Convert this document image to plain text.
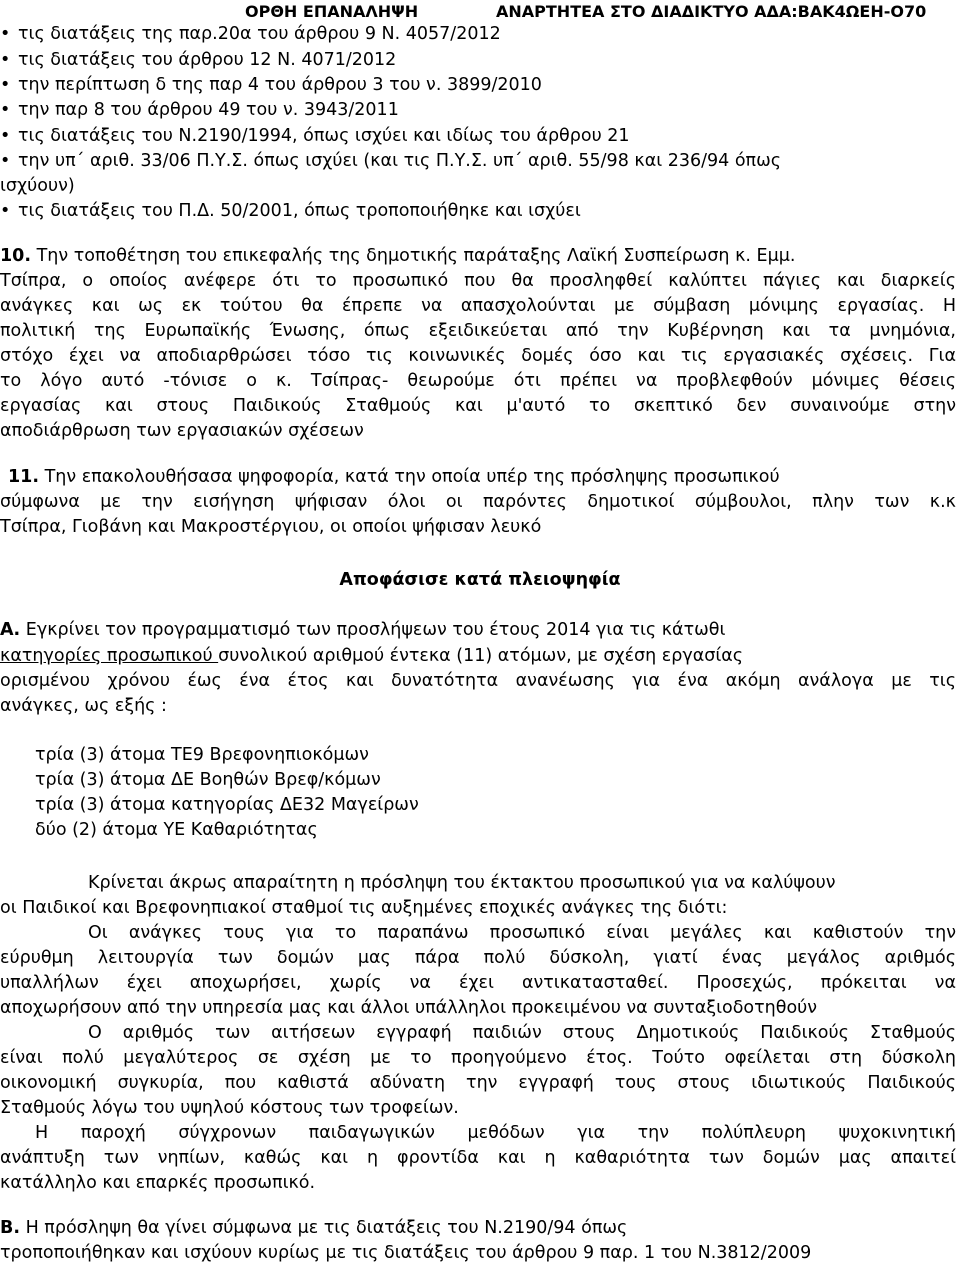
ΟΡΘΗ ΕΠΑΝΑΛΗΨΗ	ΑΝΑΡΤΗΤΕΑ ΣΤΟ ΔΙΑΔΙΚΤΥΟ ΑΔΑ:ΒΑΚ4ΩΕΗ-Ο70
• τις διατάξεις της παρ.20α του άρθρου 9 Ν. 4057/2012
• τις διατάξεις του άρθρου 12 Ν. 4071/2012
• την περίπτωση δ της παρ 4 του άρθρου 3 του ν. 3899/2010
• την παρ 8 του άρθρου 49 του ν. 3943/2011
• τις διατάξεις του Ν.2190/1994, όπως ισχύει και ιδίως του άρθρου 21
• την υπ΄ αριθ. 33/06 Π.Υ.Σ. όπως ισχύει (και τις Π.Υ.Σ. υπ΄ αριθ. 55/98 και 236/94 όπως
ισχύουν)
• τις διατάξεις του Π.Δ. 50/2001, όπως τροποποιήθηκε και ισχύει
10. Την τοποθέτηση του επικεφαλής της δημοτικής παράταξης Λαϊκή Συσπείρωση κ. Εμμ.
Τσίπρα, ο οποίος ανέφερε ότι το προσωπικό που θα προσληφθεί καλύπτει πάγιες και διαρκείς
ανάγκες και ως εκ τούτου θα έπρεπε να απασχολούνται με σύμβαση μόνιμης εργασίας. Η
πολιτική της Ευρωπαϊκής Ένωσης, όπως εξειδικεύεται από την Κυβέρνηση και τα μνημόνια,
στόχο έχει να αποδιαρθρώσει τόσο τις κοινωνικές δομές όσο και τις εργασιακές σχέσεις. Για
το λόγο αυτό -τόνισε ο κ. Τσίπρας- θεωρούμε ότι πρέπει να προβλεφθούν μόνιμες θέσεις
εργασίας και στους Παιδικούς Σταθμούς και μ'αυτό το σκεπτικό δεν συναινούμε στην
αποδιάρθρωση των εργασιακών σχέσεων
11. Την επακολουθήσασα ψηφοφορία, κατά την οποία υπέρ της πρόσληψης προσωπικού
σύμφωνα με την εισήγηση ψήφισαν όλοι οι παρόντες δημοτικοί σύμβουλοι, πλην των κ.κ
Τσίπρα, Γιοβάνη και Μακροστέργιου, οι οποίοι ψήφισαν λευκό
Αποφάσισε κατά πλειοψηφία
Α. Εγκρίνει τον προγραμματισμό των προσλήψεων του έτους 2014 για τις κάτωθι
κατηγορίες προσωπικού συνολικού αριθμού έντεκα (11) ατόμων, με σχέση εργασίας
ορισμένου χρόνου έως ένα έτος και δυνατότητα ανανέωσης για ένα ακόμη ανάλογα με τις
ανάγκες, ως εξής :
τρία (3) άτομα ΤΕ9 Βρεφονηπιοκόμων
τρία (3) άτομα ΔΕ Βοηθών Βρεφ/κόμων
τρία (3) άτομα κατηγορίας ΔΕ32 Μαγείρων
δύο (2) άτομα ΥΕ Καθαριότητας
Κρίνεται άκρως απαραίτητη η πρόσληψη του έκτακτου προσωπικού για να καλύψουν
οι Παιδικοί και Βρεφονηπιακοί σταθμοί τις αυξημένες εποχικές ανάγκες της διότι:
Οι ανάγκες τους για το παραπάνω προσωπικό είναι μεγάλες και καθιστούν την
εύρυθμη λειτουργία των δομών μας πάρα πολύ δύσκολη, γιατί ένας μεγάλος αριθμός
υπαλλήλων έχει αποχωρήσει, χωρίς να έχει αντικατασταθεί. Προσεχώς, πρόκειται να
αποχωρήσουν από την υπηρεσία μας και άλλοι υπάλληλοι προκειμένου να συνταξιοδοτηθούν
Ο αριθμός των αιτήσεων εγγραφή παιδιών στους Δημοτικούς Παιδικούς Σταθμούς
είναι πολύ μεγαλύτερος σε σχέση με το προηγούμενο έτος. Τούτο οφείλεται στη δύσκολη
οικονομική συγκυρία, που καθιστά αδύνατη την εγγραφή τους στους ιδιωτικούς Παιδικούς
Σταθμούς λόγω του υψηλού κόστους των τροφείων.
Η παροχή σύγχρονων παιδαγωγικών μεθόδων για την πολύπλευρη ψυχοκινητική
ανάπτυξη των νηπίων, καθώς και η φροντίδα και η καθαριότητα των δομών μας απαιτεί
κατάλληλο και επαρκές προσωπικό.
Β. Η πρόσληψη θα γίνει σύμφωνα με τις διατάξεις του Ν.2190/94 όπως
τροποποιήθηκαν και ισχύουν κυρίως με τις διατάξεις του άρθρου 9 παρ. 1 του Ν.3812/2009
